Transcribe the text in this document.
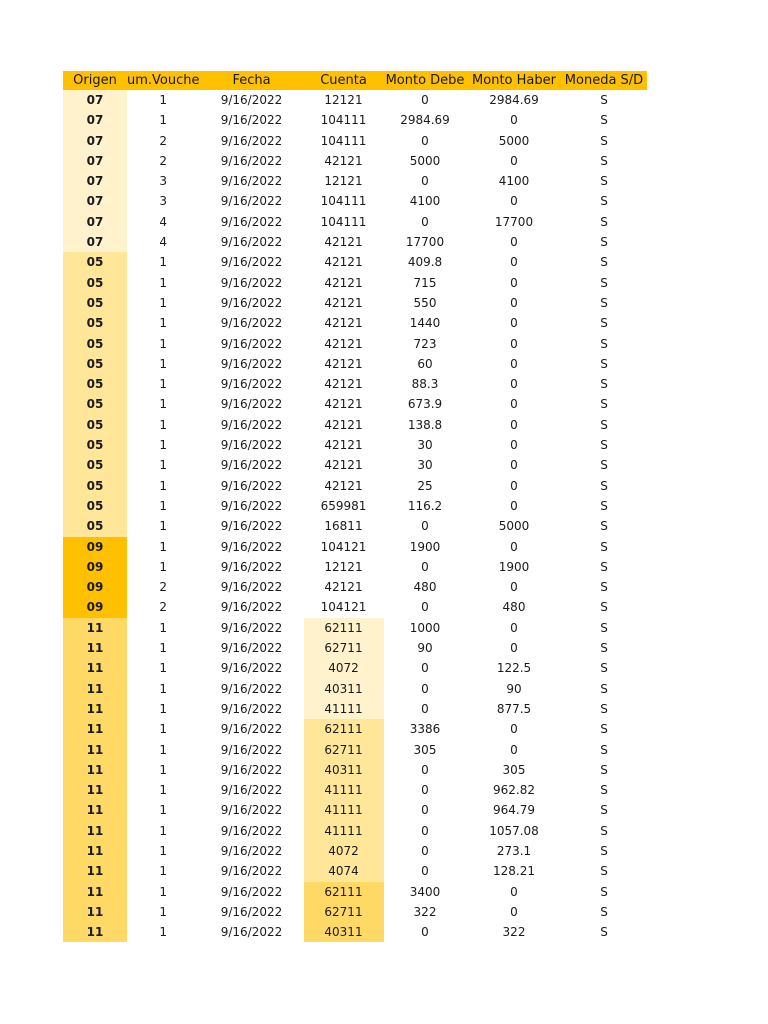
Origen	um.Vouche	Fecha	Cuenta	Monto Debe	Monto Haber	Moneda S/D
07	1	9/16/2022	12121	0	2984.69	S
07	1	9/16/2022	104111	2984.69	0	S
07	2	9/16/2022	104111	0	5000	S
07	2	9/16/2022	42121	5000	0	S
07	3	9/16/2022	12121	0	4100	S
07	3	9/16/2022	104111	4100	0	S
07	4	9/16/2022	104111	0	17700	S
07	4	9/16/2022	42121	17700	0	S
05	1	9/16/2022	42121	409.8	0	S
05	1	9/16/2022	42121	715	0	S
05	1	9/16/2022	42121	550	0	S
05	1	9/16/2022	42121	1440	0	S
05	1	9/16/2022	42121	723	0	S
05	1	9/16/2022	42121	60	0	S
05	1	9/16/2022	42121	88.3	0	S
05	1	9/16/2022	42121	673.9	0	S
05	1	9/16/2022	42121	138.8	0	S
05	1	9/16/2022	42121	30	0	S
05	1	9/16/2022	42121	30	0	S
05	1	9/16/2022	42121	25	0	S
05	1	9/16/2022	659981	116.2	0	S
05	1	9/16/2022	16811	0	5000	S
09	1	9/16/2022	104121	1900	0	S
09	1	9/16/2022	12121	0	1900	S
09	2	9/16/2022	42121	480	0	S
09	2	9/16/2022	104121	0	480	S
11	1	9/16/2022	62111	1000	0	S
11	1	9/16/2022	62711	90	0	S
11	1	9/16/2022	4072	0	122.5	S
11	1	9/16/2022	40311	0	90	S
11	1	9/16/2022	41111	0	877.5	S
11	1	9/16/2022	62111	3386	0	S
11	1	9/16/2022	62711	305	0	S
11	1	9/16/2022	40311	0	305	S
11	1	9/16/2022	41111	0	962.82	S
11	1	9/16/2022	41111	0	964.79	S
11	1	9/16/2022	41111	0	1057.08	S
11	1	9/16/2022	4072	0	273.1	S
11	1	9/16/2022	4074	0	128.21	S
11	1	9/16/2022	62111	3400	0	S
11	1	9/16/2022	62711	322	0	S
11	1	9/16/2022	40311	0	322	S
